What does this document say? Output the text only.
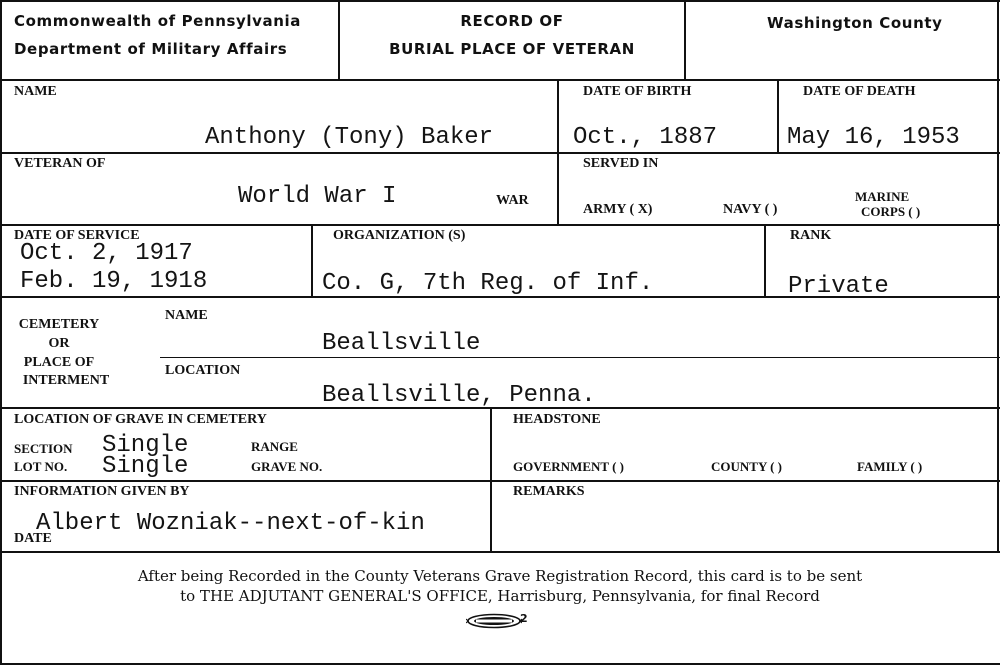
Commonwealth of Pennsylvania
Department of Military Affairs
RECORD OF
BURIAL PLACE OF VETERAN
Washington County
NAME
Anthony (Tony) Baker
DATE OF BIRTH
Oct., 1887
DATE OF DEATH
May 16, 1953
VETERAN OF
World War I	WAR
SERVED IN
ARMY ( X)	NAVY ( )
MARINE
CORPS ( )
DATE OF SERVICE
Oct. 2, 1917
Feb. 19, 1918
ORGANIZATION (S)
Co. G, 7th Reg. of Inf.
RANK
Private
CEMETERY
OR
PLACE OF
INTERMENT
NAME
Beallsville
LOCATION
Beallsville, Penna.
LOCATION OF GRAVE IN CEMETERY
SECTION Single	RANGE
LOT NO. Single	GRAVE NO.
HEADSTONE
GOVERNMENT ( )	COUNTY ( )	FAMILY ( )
INFORMATION GIVEN BY
Albert Wozniak--next-of-kin
DATE
REMARKS
After being Recorded in the County Veterans Grave Registration Record, this card is to be sent
to THE ADJUTANT GENERAL'S OFFICE, Harrisburg, Pennsylvania, for final Record
2
